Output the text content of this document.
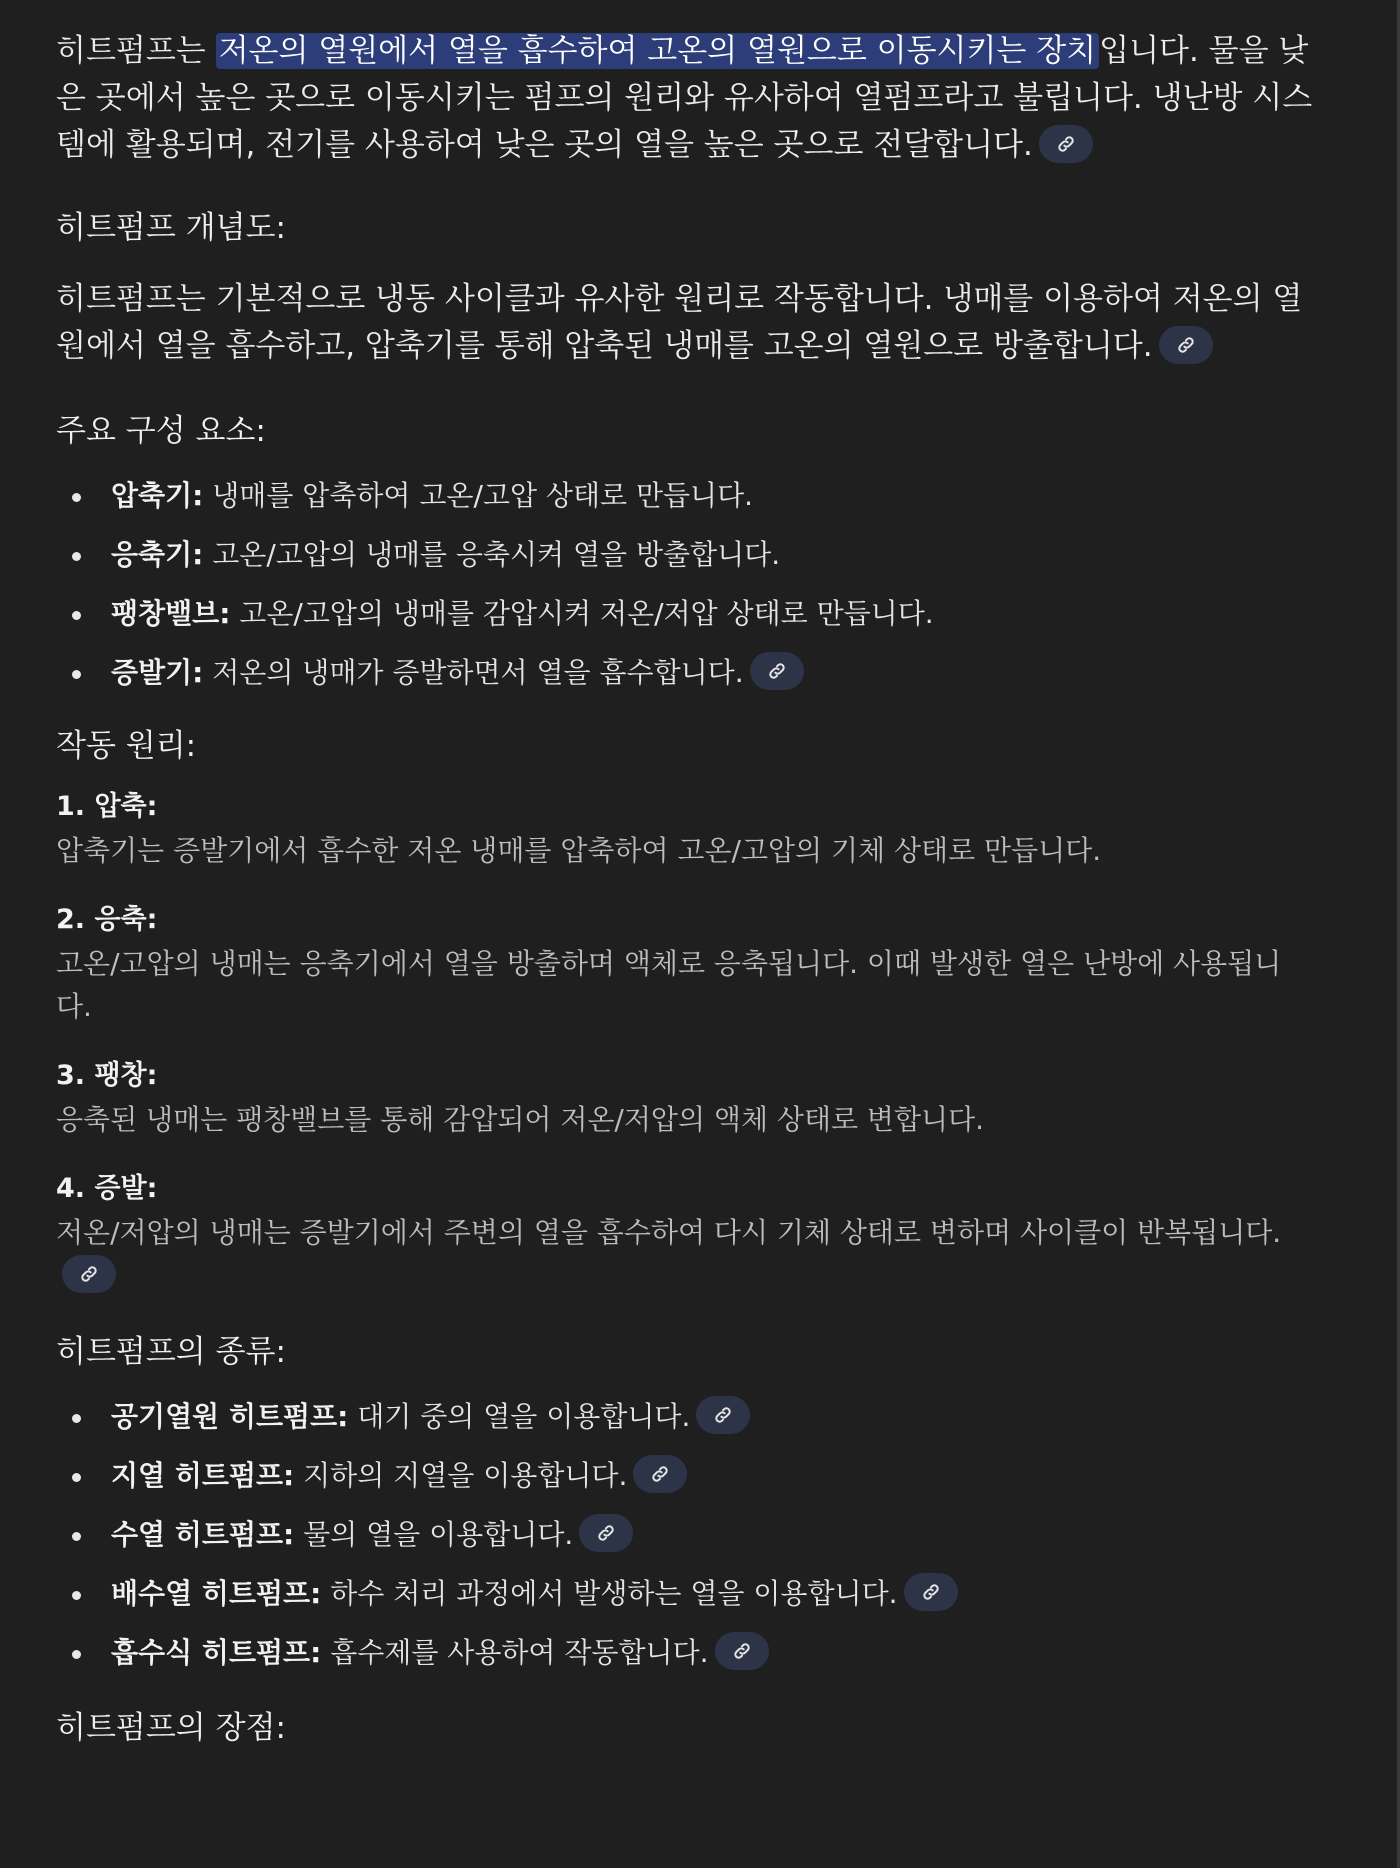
히트펌프는 저온의 열원에서 열을 흡수하여 고온의 열원으로 이동시키는 장치입니다. 물을 낮은 곳에서 높은 곳으로 이동시키는 펌프의 원리와 유사하여 열펌프라고 불립니다. 냉난방 시스템에 활용되며, 전기를 사용하여 낮은 곳의 열을 높은 곳으로 전달합니다.

히트펌프 개념도:

히트펌프는 기본적으로 냉동 사이클과 유사한 원리로 작동합니다. 냉매를 이용하여 저온의 열원에서 열을 흡수하고, 압축기를 통해 압축된 냉매를 고온의 열원으로 방출합니다.

주요 구성 요소:

압축기: 냉매를 압축하여 고온/고압 상태로 만듭니다.
응축기: 고온/고압의 냉매를 응축시켜 열을 방출합니다.
팽창밸브: 고온/고압의 냉매를 감압시켜 저온/저압 상태로 만듭니다.
증발기: 저온의 냉매가 증발하면서 열을 흡수합니다.

작동 원리:

1. 압축:

압축기는 증발기에서 흡수한 저온 냉매를 압축하여 고온/고압의 기체 상태로 만듭니다.

2. 응축:

고온/고압의 냉매는 응축기에서 열을 방출하며 액체로 응축됩니다. 이때 발생한 열은 난방에 사용됩니다.

3. 팽창:

응축된 냉매는 팽창밸브를 통해 감압되어 저온/저압의 액체 상태로 변합니다.

4. 증발:

저온/저압의 냉매는 증발기에서 주변의 열을 흡수하여 다시 기체 상태로 변하며 사이클이 반복됩니다.

히트펌프의 종류:

공기열원 히트펌프: 대기 중의 열을 이용합니다.
지열 히트펌프: 지하의 지열을 이용합니다.
수열 히트펌프: 물의 열을 이용합니다.
배수열 히트펌프: 하수 처리 과정에서 발생하는 열을 이용합니다.
흡수식 히트펌프: 흡수제를 사용하여 작동합니다.

히트펌프의 장점:
